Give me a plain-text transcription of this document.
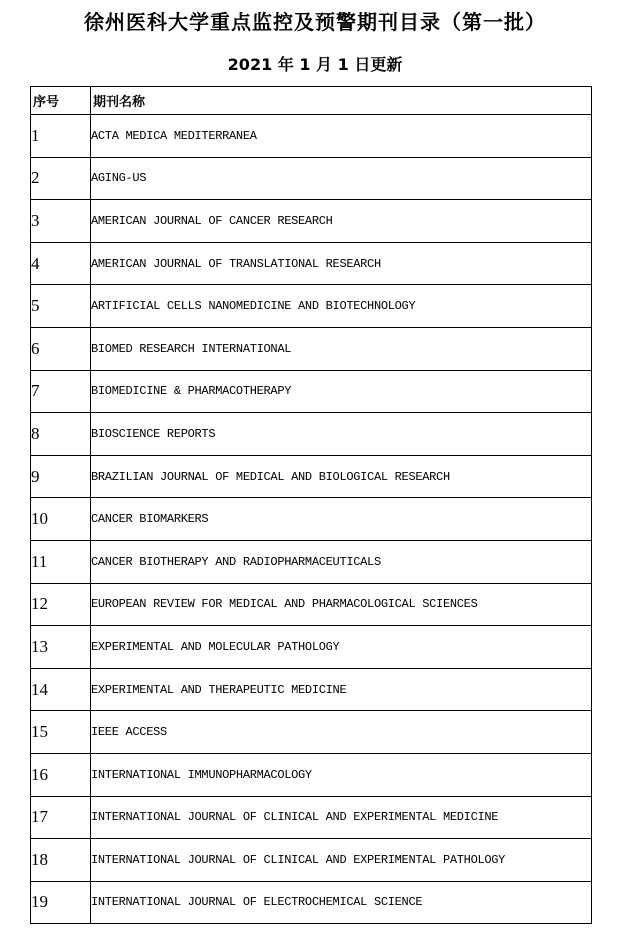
徐州医科大学重点监控及预警期刊目录（第一批）
2021 年 1 月 1 日更新
序号	期刊名称
1	ACTA MEDICA MEDITERRANEA
2	AGING-US
3	AMERICAN JOURNAL OF CANCER RESEARCH
4	AMERICAN JOURNAL OF TRANSLATIONAL RESEARCH
5	ARTIFICIAL CELLS NANOMEDICINE AND BIOTECHNOLOGY
6	BIOMED RESEARCH INTERNATIONAL
7	BIOMEDICINE & PHARMACOTHERAPY
8	BIOSCIENCE REPORTS
9	BRAZILIAN JOURNAL OF MEDICAL AND BIOLOGICAL RESEARCH
10	CANCER BIOMARKERS
11	CANCER BIOTHERAPY AND RADIOPHARMACEUTICALS
12	EUROPEAN REVIEW FOR MEDICAL AND PHARMACOLOGICAL SCIENCES
13	EXPERIMENTAL AND MOLECULAR PATHOLOGY
14	EXPERIMENTAL AND THERAPEUTIC MEDICINE
15	IEEE ACCESS
16	INTERNATIONAL IMMUNOPHARMACOLOGY
17	INTERNATIONAL JOURNAL OF CLINICAL AND EXPERIMENTAL MEDICINE
18	INTERNATIONAL JOURNAL OF CLINICAL AND EXPERIMENTAL PATHOLOGY
19	INTERNATIONAL JOURNAL OF ELECTROCHEMICAL SCIENCE
